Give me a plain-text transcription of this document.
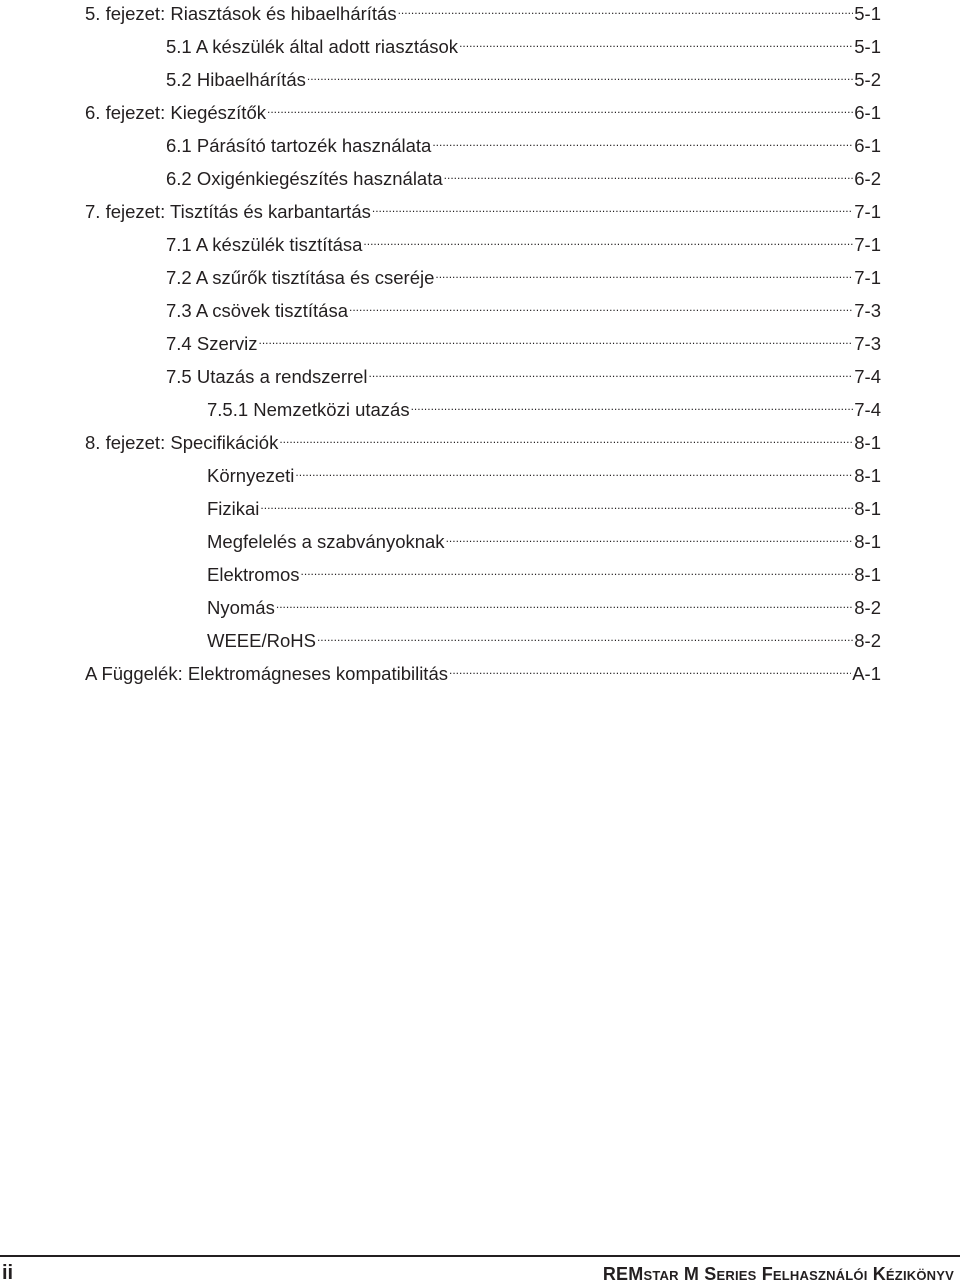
5. fejezet: Riasztások és hibaelhárítás .....	5-1
5.1 A készülék által adott riasztások .....	5-1
5.2 Hibaelhárítás .....	5-2
6. fejezet: Kiegészítők .....	6-1
6.1 Párásító tartozék használata .....	6-1
6.2 Oxigénkiegészítés használata .....	6-2
7. fejezet: Tisztítás és karbantartás .....	7-1
7.1 A készülék tisztítása .....	7-1
7.2 A szűrők tisztítása és cseréje .....	7-1
7.3 A csövek tisztítása .....	7-3
7.4 Szerviz .....	7-3
7.5 Utazás a rendszerrel .....	7-4
7.5.1 Nemzetközi utazás .....	7-4
8. fejezet: Specifikációk .....	8-1
Környezeti .....	8-1
Fizikai .....	8-1
Megfelelés a szabványoknak .....	8-1
Elektromos .....	8-1
Nyomás .....	8-2
WEEE/RoHS .....	8-2
A Függelék: Elektromágneses kompatibilitás .....	A-1
ii	REMstar M Series Felhasználói Kézikönyv
